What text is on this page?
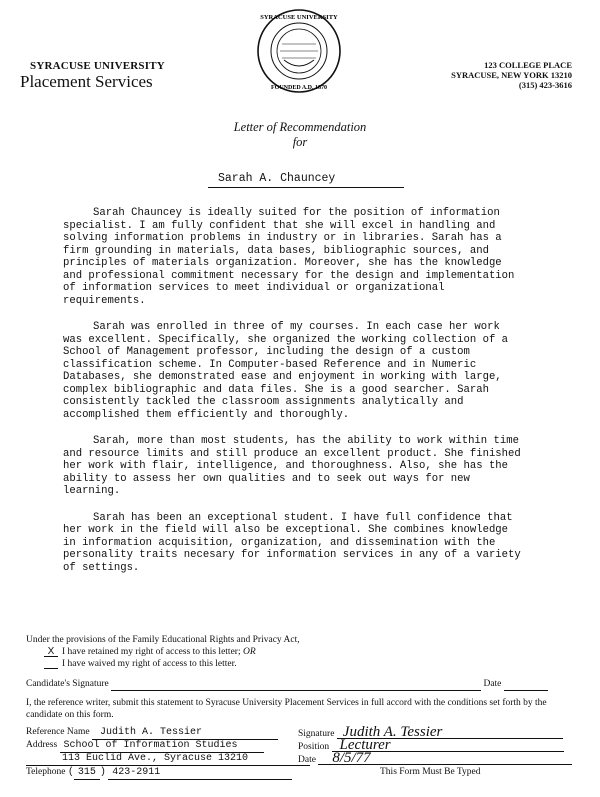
SYRACUSE UNIVERSITY
FOUNDED A.D. 1870
SYRACUSE UNIVERSITY
Placement Services
123 COLLEGE PLACE
SYRACUSE, NEW YORK 13210
(315) 423-3616
Letter of Recommendation
for
Sarah A. Chauncey

Sarah Chauncey is ideally suited for the position of information specialist. I am fully confident that she will excel in handling and solving information problems in industry or in libraries. Sarah has a firm grounding in materials, data bases, bibliographic sources, and principles of materials organization. Moreover, she has the knowledge and professional commitment necessary for the design and implementation of information services to meet individual or organizational requirements.

Sarah was enrolled in three of my courses. In each case her work was excellent. Specifically, she organized the working collection of a School of Management professor, including the design of a custom classification scheme. In Computer-based Reference and in Numeric Databases, she demonstrated ease and enjoyment in working with large, complex bibliographic and data files. She is a good searcher. Sarah consistently tackled the classroom assignments analytically and accomplished them efficiently and thoroughly.

Sarah, more than most students, has the ability to work within time and resource limits and still produce an excellent product. She finished her work with flair, intelligence, and thoroughness. Also, she has the ability to assess her own qualities and to seek out ways for new learning.

Sarah has been an exceptional student. I have full confidence that her work in the field will also be exceptional. She combines knowledge in information acquisition, organization, and dissemination with the personality traits necesary for information services in any of a variety of settings.

Under the provisions of the Family Educational Rights and Privacy Act,
X I have retained my right of access to this letter; OR
I have waived my right of access to this letter.
Candidate's Signature	Date
I, the reference writer, submit this statement to Syracuse University Placement Services in full accord with the conditions set forth by the candidate on this form.
Reference Name Judith A. Tessier
Address School of Information Studies
113 Euclid Ave., Syracuse 13210
Telephone ( 315 ) 423-2911
Signature Judith A. Tessier
Position Lecturer
Date 8/5/77
This Form Must Be Typed
